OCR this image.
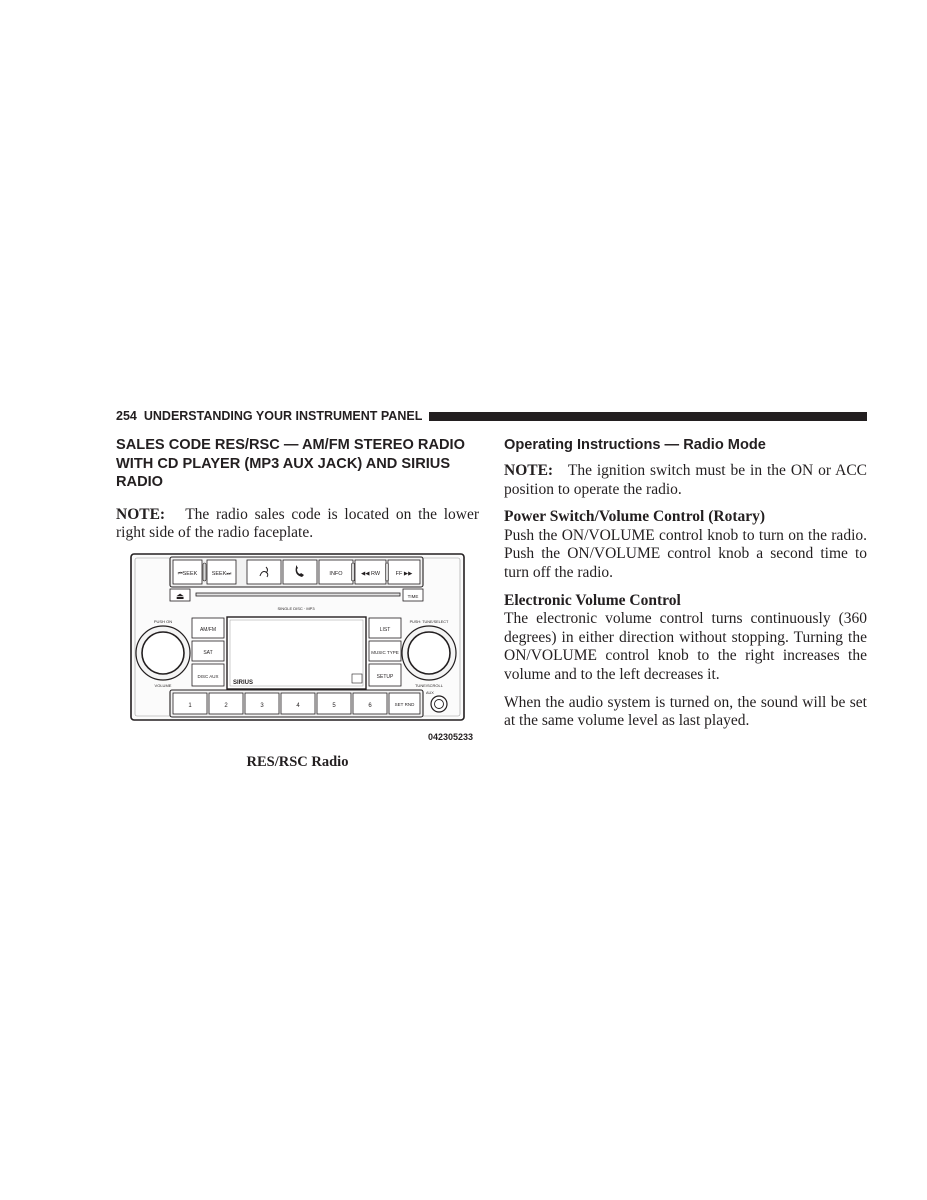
254 UNDERSTANDING YOUR INSTRUMENT PANEL
SALES CODE RES/RSC — AM/FM STEREO RADIO WITH CD PLAYER (MP3 AUX JACK) AND SIRIUS RADIO

NOTE: The radio sales code is located on the lower right side of the radio faceplate.

⏮SEEK	SEEK⏭	INFO	◀◀ RW	FF ▶▶
⏏	TIME
SINGLE DISC · MP3
PUSH ON
VOLUME
AM/FM
SAT
DISC AUX
SIRIUS
LIST
MUSIC TYPE
SETUP
PUSH: TUNE/SELECT
TUNE/SCROLL
1	2	3	4	5	6	SET RND
AUX
042305233
RES/RSC Radio
Operating Instructions — Radio Mode

NOTE: The ignition switch must be in the ON or ACC position to operate the radio.

Power Switch/Volume Control (Rotary)

Push the ON/VOLUME control knob to turn on the radio. Push the ON/VOLUME control knob a second time to turn off the radio.

Electronic Volume Control

The electronic volume control turns continuously (360 degrees) in either direction without stopping. Turning the ON/VOLUME control knob to the right increases the volume and to the left decreases it.

When the audio system is turned on, the sound will be set at the same volume level as last played.
